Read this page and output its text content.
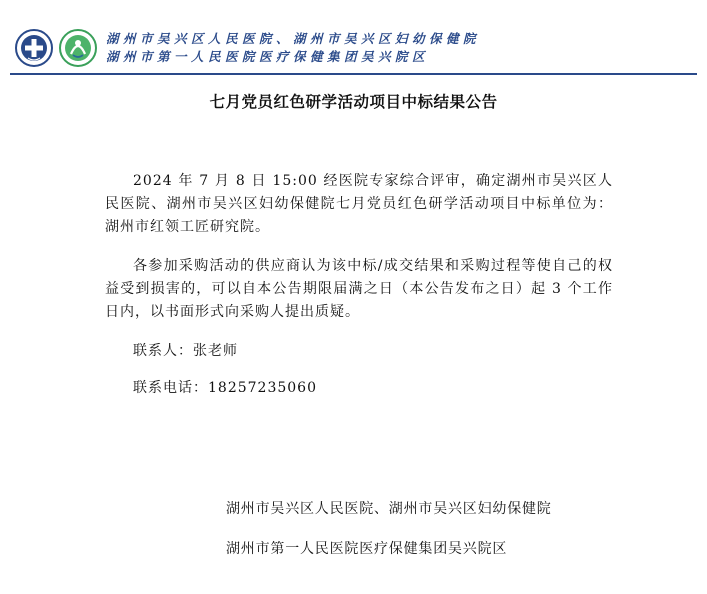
湖州市吴兴区人民医院、湖州市吴兴区妇幼保健院
湖州市第一人民医院医疗保健集团吴兴院区
七月党员红色研学活动项目中标结果公告

2024 年 7 月 8 日 15:00 经医院专家综合评审，确定湖州市吴兴区人民医院、湖州市吴兴区妇幼保健院七月党员红色研学活动项目中标单位为：湖州市红领工匠研究院。

各参加采购活动的供应商认为该中标/成交结果和采购过程等使自己的权益受到损害的，可以自本公告期限届满之日（本公告发布之日）起 3 个工作日内，以书面形式向采购人提出质疑。

联系人：张老师

联系电话：18257235060

湖州市吴兴区人民医院、湖州市吴兴区妇幼保健院
湖州市第一人民医院医疗保健集团吴兴院区
